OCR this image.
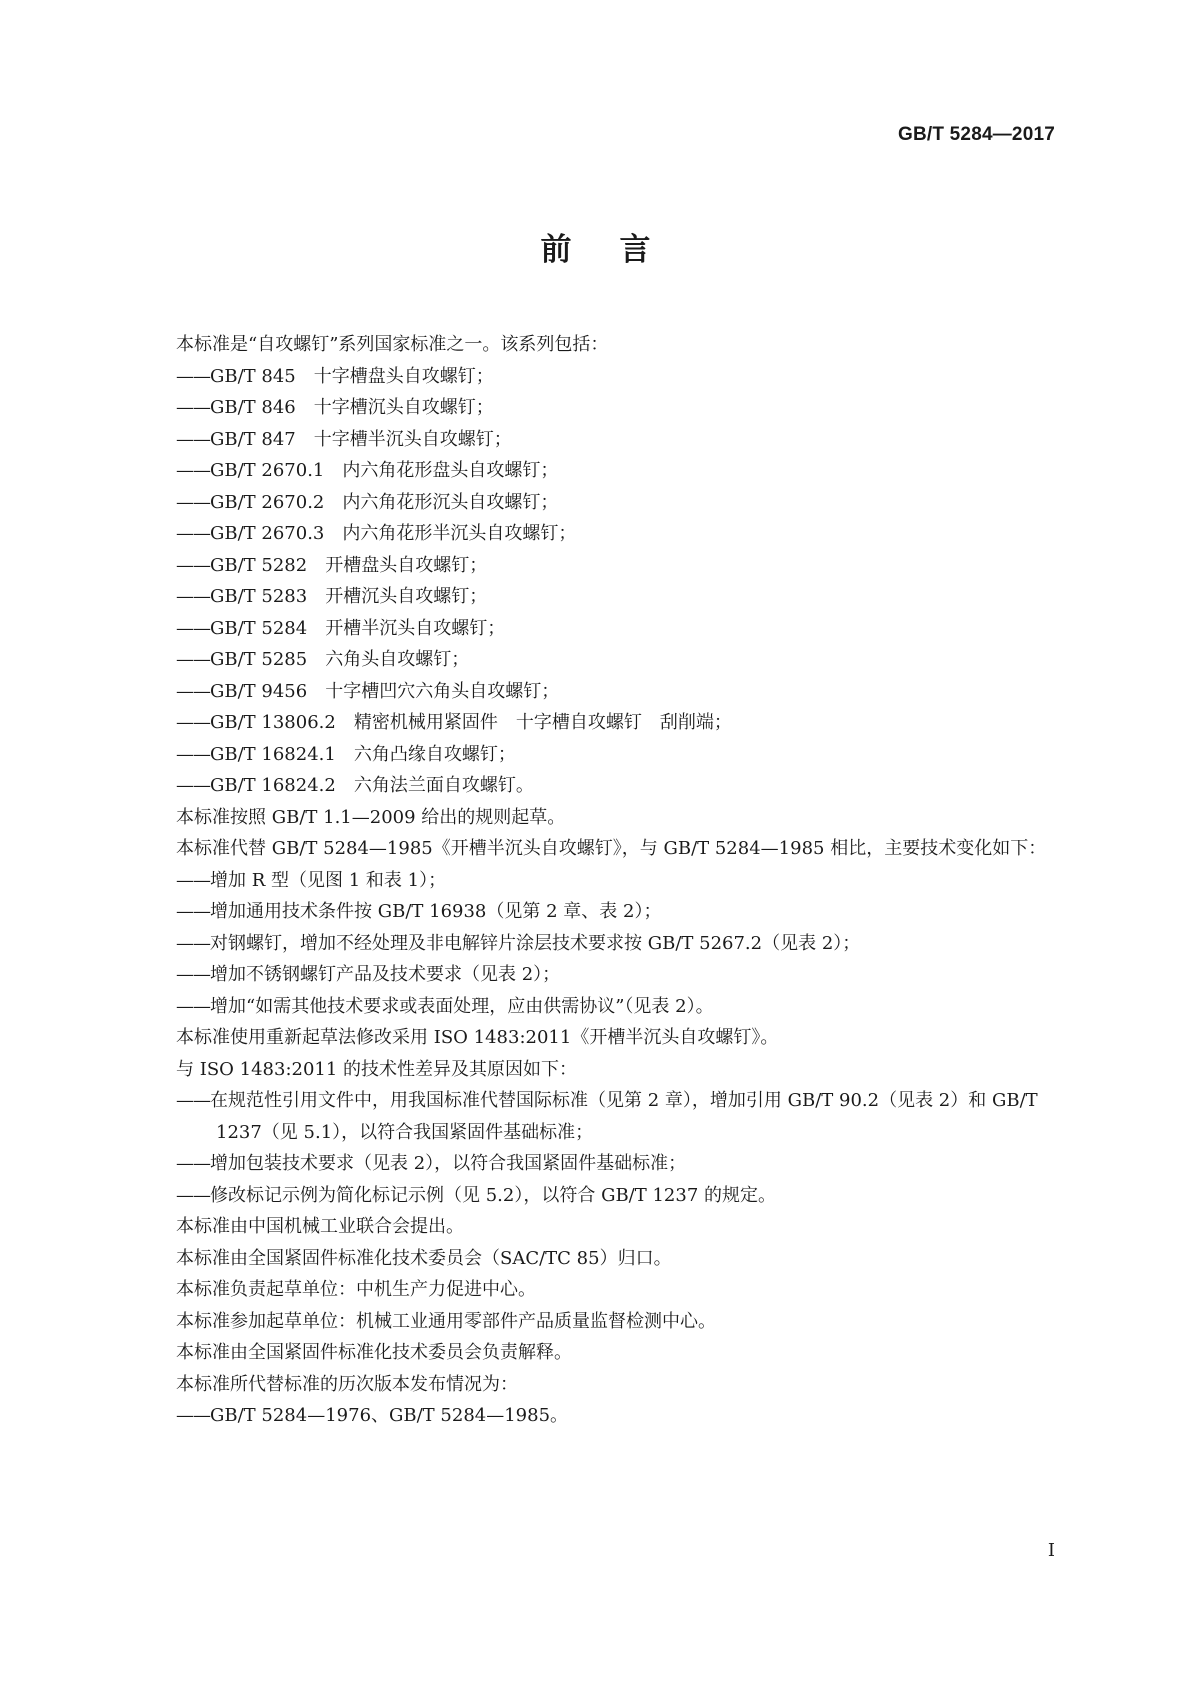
GB/T 5284—2017
前言
本标准是“自攻螺钉”系列国家标准之一。该系列包括：
——GB/T 845　十字槽盘头自攻螺钉；
——GB/T 846　十字槽沉头自攻螺钉；
——GB/T 847　十字槽半沉头自攻螺钉；
——GB/T 2670.1　内六角花形盘头自攻螺钉；
——GB/T 2670.2　内六角花形沉头自攻螺钉；
——GB/T 2670.3　内六角花形半沉头自攻螺钉；
——GB/T 5282　开槽盘头自攻螺钉；
——GB/T 5283　开槽沉头自攻螺钉；
——GB/T 5284　开槽半沉头自攻螺钉；
——GB/T 5285　六角头自攻螺钉；
——GB/T 9456　十字槽凹穴六角头自攻螺钉；
——GB/T 13806.2　精密机械用紧固件　十字槽自攻螺钉　刮削端；
——GB/T 16824.1　六角凸缘自攻螺钉；
——GB/T 16824.2　六角法兰面自攻螺钉。
本标准按照 GB/T 1.1—2009 给出的规则起草。
本标准代替 GB/T 5284—1985《开槽半沉头自攻螺钉》，与 GB/T 5284—1985 相比，主要技术变化如下：
——增加 R 型（见图 1 和表 1）；
——增加通用技术条件按 GB/T 16938（见第 2 章、表 2）；
——对钢螺钉，增加不经处理及非电解锌片涂层技术要求按 GB/T 5267.2（见表 2）；
——增加不锈钢螺钉产品及技术要求（见表 2）；
——增加“如需其他技术要求或表面处理，应由供需协议”（见表 2）。
本标准使用重新起草法修改采用 ISO 1483:2011《开槽半沉头自攻螺钉》。
与 ISO 1483:2011 的技术性差异及其原因如下：
——在规范性引用文件中，用我国标准代替国际标准（见第 2 章），增加引用 GB/T 90.2（见表 2）和 GB/T 1237（见 5.1），以符合我国紧固件基础标准；
——增加包装技术要求（见表 2），以符合我国紧固件基础标准；
——修改标记示例为简化标记示例（见 5.2），以符合 GB/T 1237 的规定。
本标准由中国机械工业联合会提出。
本标准由全国紧固件标准化技术委员会（SAC/TC 85）归口。
本标准负责起草单位：中机生产力促进中心。
本标准参加起草单位：机械工业通用零部件产品质量监督检测中心。
本标准由全国紧固件标准化技术委员会负责解释。
本标准所代替标准的历次版本发布情况为：
——GB/T 5284—1976、GB/T 5284—1985。
I
